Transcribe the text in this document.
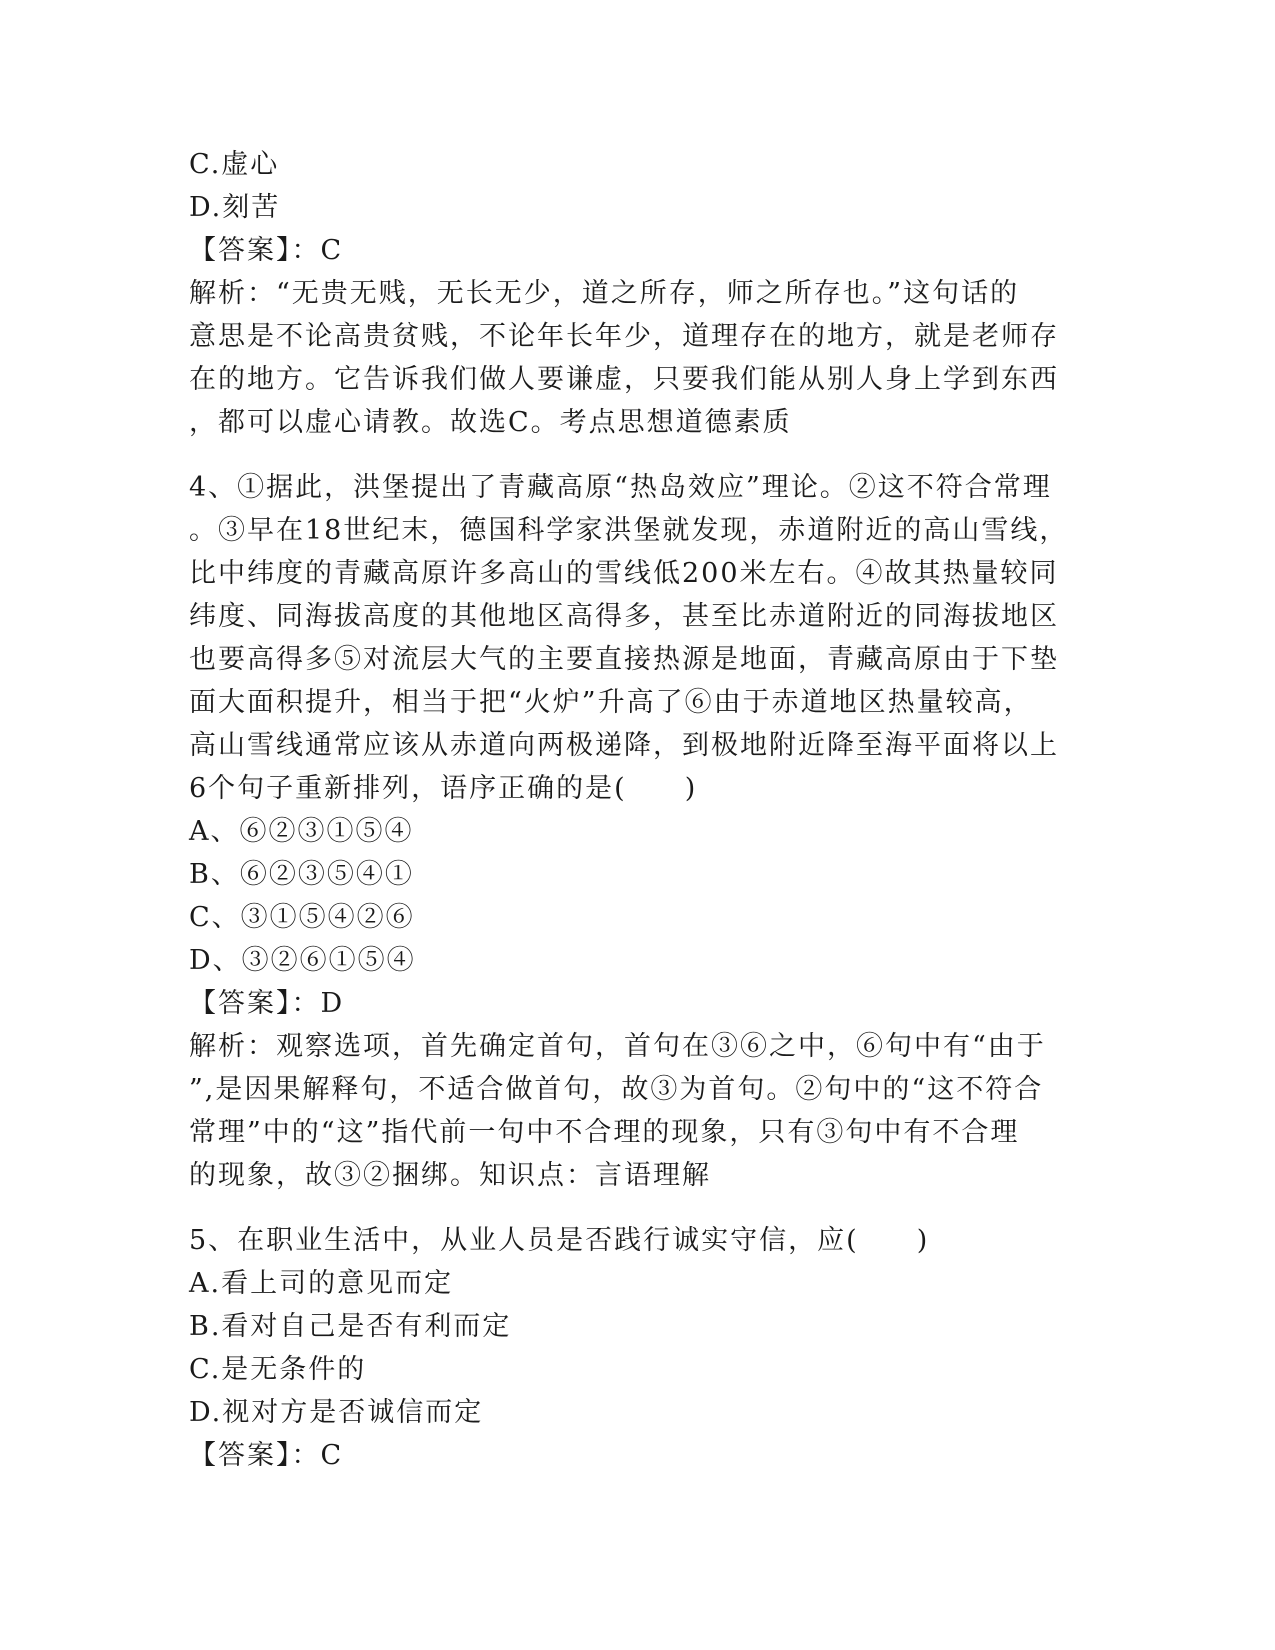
C.虚心
D.刻苦
【答案】：C
解析：“无贵无贱，无长无少，道之所存，师之所存也。”这句话的
意思是不论高贵贫贱，不论年长年少，道理存在的地方，就是老师存
在的地方。它告诉我们做人要谦虚，只要我们能从别人身上学到东西
，都可以虚心请教。故选C。考点思想道德素质
4、①据此，洪堡提出了青藏高原“热岛效应”理论。②这不符合常理
。③早在18世纪末，德国科学家洪堡就发现，赤道附近的高山雪线，
比中纬度的青藏高原许多高山的雪线低200米左右。④故其热量较同
纬度、同海拔高度的其他地区高得多，甚至比赤道附近的同海拔地区
也要高得多⑤对流层大气的主要直接热源是地面，青藏高原由于下垫
面大面积提升，相当于把“火炉”升高了⑥由于赤道地区热量较高，
高山雪线通常应该从赤道向两极递降，到极地附近降至海平面将以上
6个句子重新排列，语序正确的是(　　)
A、⑥②③①⑤④
B、⑥②③⑤④①
C、③①⑤④②⑥
D、③②⑥①⑤④
【答案】：D
解析：观察选项，首先确定首句，首句在③⑥之中，⑥句中有“由于
”,是因果解释句，不适合做首句，故③为首句。②句中的“这不符合
常理”中的“这”指代前一句中不合理的现象，只有③句中有不合理
的现象，故③②捆绑。知识点：言语理解
5、在职业生活中，从业人员是否践行诚实守信，应(　　)
A.看上司的意见而定
B.看对自己是否有利而定
C.是无条件的
D.视对方是否诚信而定
【答案】：C
